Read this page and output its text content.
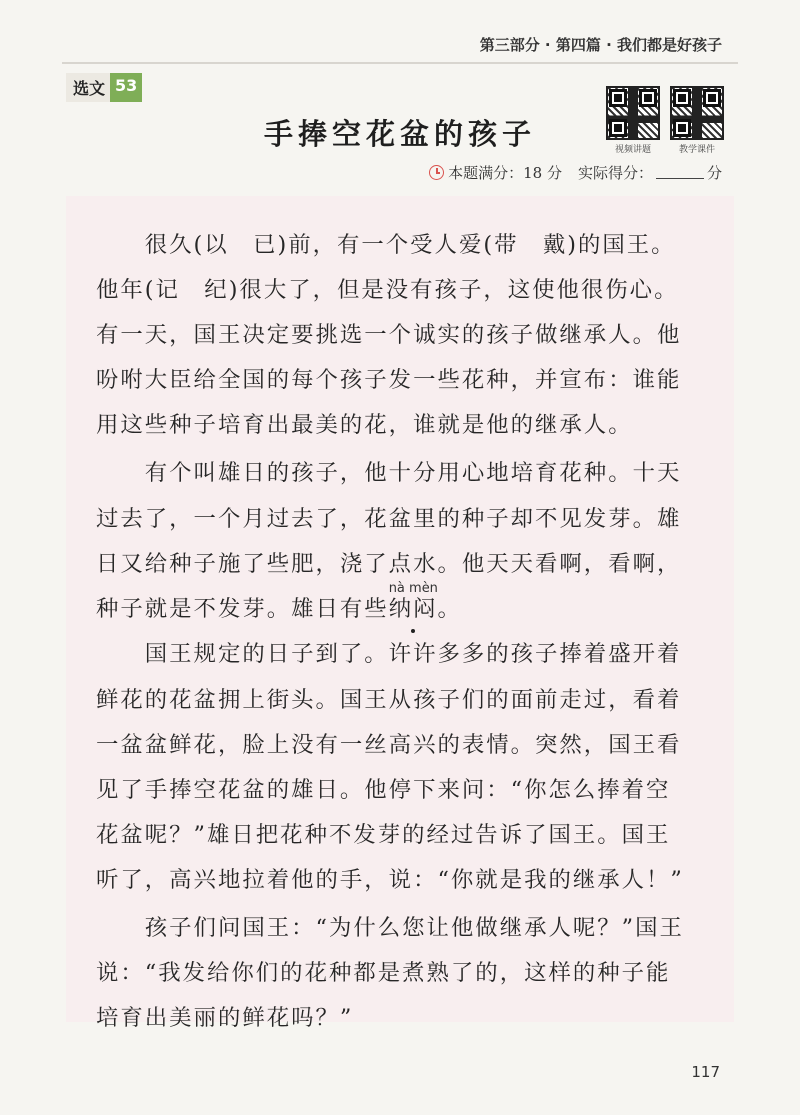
第三部分 · 第四篇 · 我们都是好孩子
选文 53
手捧空花盆的孩子	视频讲题	教学课件
本题满分： 18 分 实际得分：	分
　　很久(以　已)前，有一个受人爱(带　戴)的国王。
他年(记　纪)很大了，但是没有孩子，这使他很伤心。
有一天，国王决定要挑选一个诚实的孩子做继承人。他
吩咐大臣给全国的每个孩子发一些花种，并宣布：谁能
用这些种子培育出最美的花，谁就是他的继承人。
　　有个叫雄日的孩子，他十分用心地培育花种。十天
过去了，一个月过去了，花盆里的种子却不见发芽。雄
日又给种子施了些肥，浇了点水。他天天看啊，看啊，
种子就是不发芽。雄日有些
nà mèn
纳闷。
　　国王规定的日子到了。许许多多的孩子捧着盛开着
鲜花的花盆拥上街头。国王从孩子们的面前走过，看着
一盆盆鲜花，脸上没有一丝高兴的表情。突然，国王看
见了手捧空花盆的雄日。他停下来问：“你怎么捧着空
花盆呢？”雄日把花种不发芽的经过告诉了国王。国王
听了，高兴地拉着他的手，说：“你就是我的继承人！”
　　孩子们问国王：“为什么您让他做继承人呢？”国王
说：“我发给你们的花种都是煮熟了的，这样的种子能
培育出美丽的鲜花吗？”
117
